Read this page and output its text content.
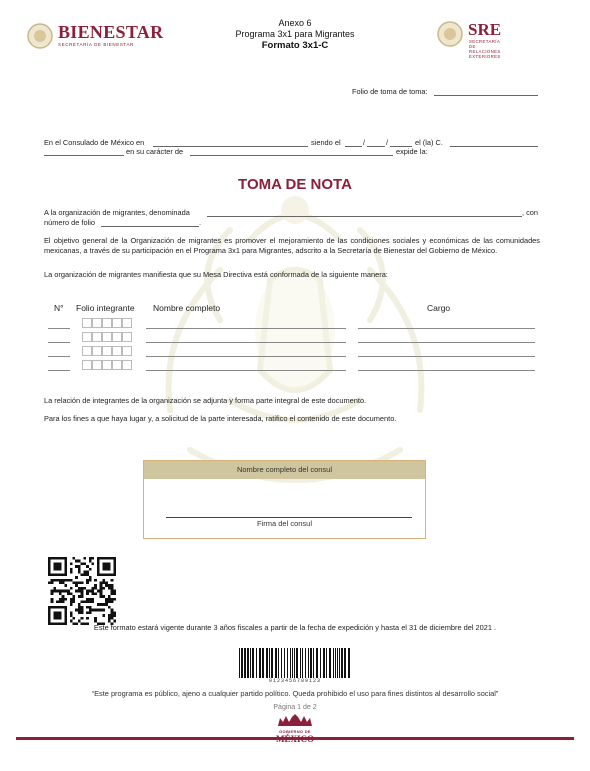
BIENESTAR
SECRETARÍA DE BIENESTAR
Anexo 6
Programa 3x1 para Migrantes
Formato 3x1-C
SRE
SECRETARÍA DE
RELACIONES
EXTERIORES
Folio de toma de toma:
En el Consulado de México en	siendo el	/	/	el (la) C.
en su carácter de	expide la:
TOMA DE NOTA
A la organización de migrantes, denominada	, con
número de folio	.
El objetivo general de la Organización de migrantes es promover el mejoramiento de las condiciones sociales y económicas de las comunidades mexicanas, a través de su participación en el Programa 3x1 para Migrantes, adscrito a la Secretaría de Bienestar del Gobierno de México.
La organización de migrantes manifiesta que su Mesa Directiva está conformada de la siguiente manera:
N° Folio integrante Nombre completo	Cargo
La relación de integrantes de la organización se adjunta y forma parte integral de este documento.
Para los fines a que haya lugar y, a solicitud de la parte interesada, ratifico el contenido de este documento.
Nombre completo del consul
Firma del consul
Este formato estará vigente durante 3 años fiscales a partir de la fecha de expedición y hasta el 31 de diciembre del 2021 .
0123456789123
“Este programa es público, ajeno a cualquier partido político. Queda prohibido el uso para fines distintos al desarrollo social”
Página 1 de 2
GOBIERNO DE
MÉXICO
